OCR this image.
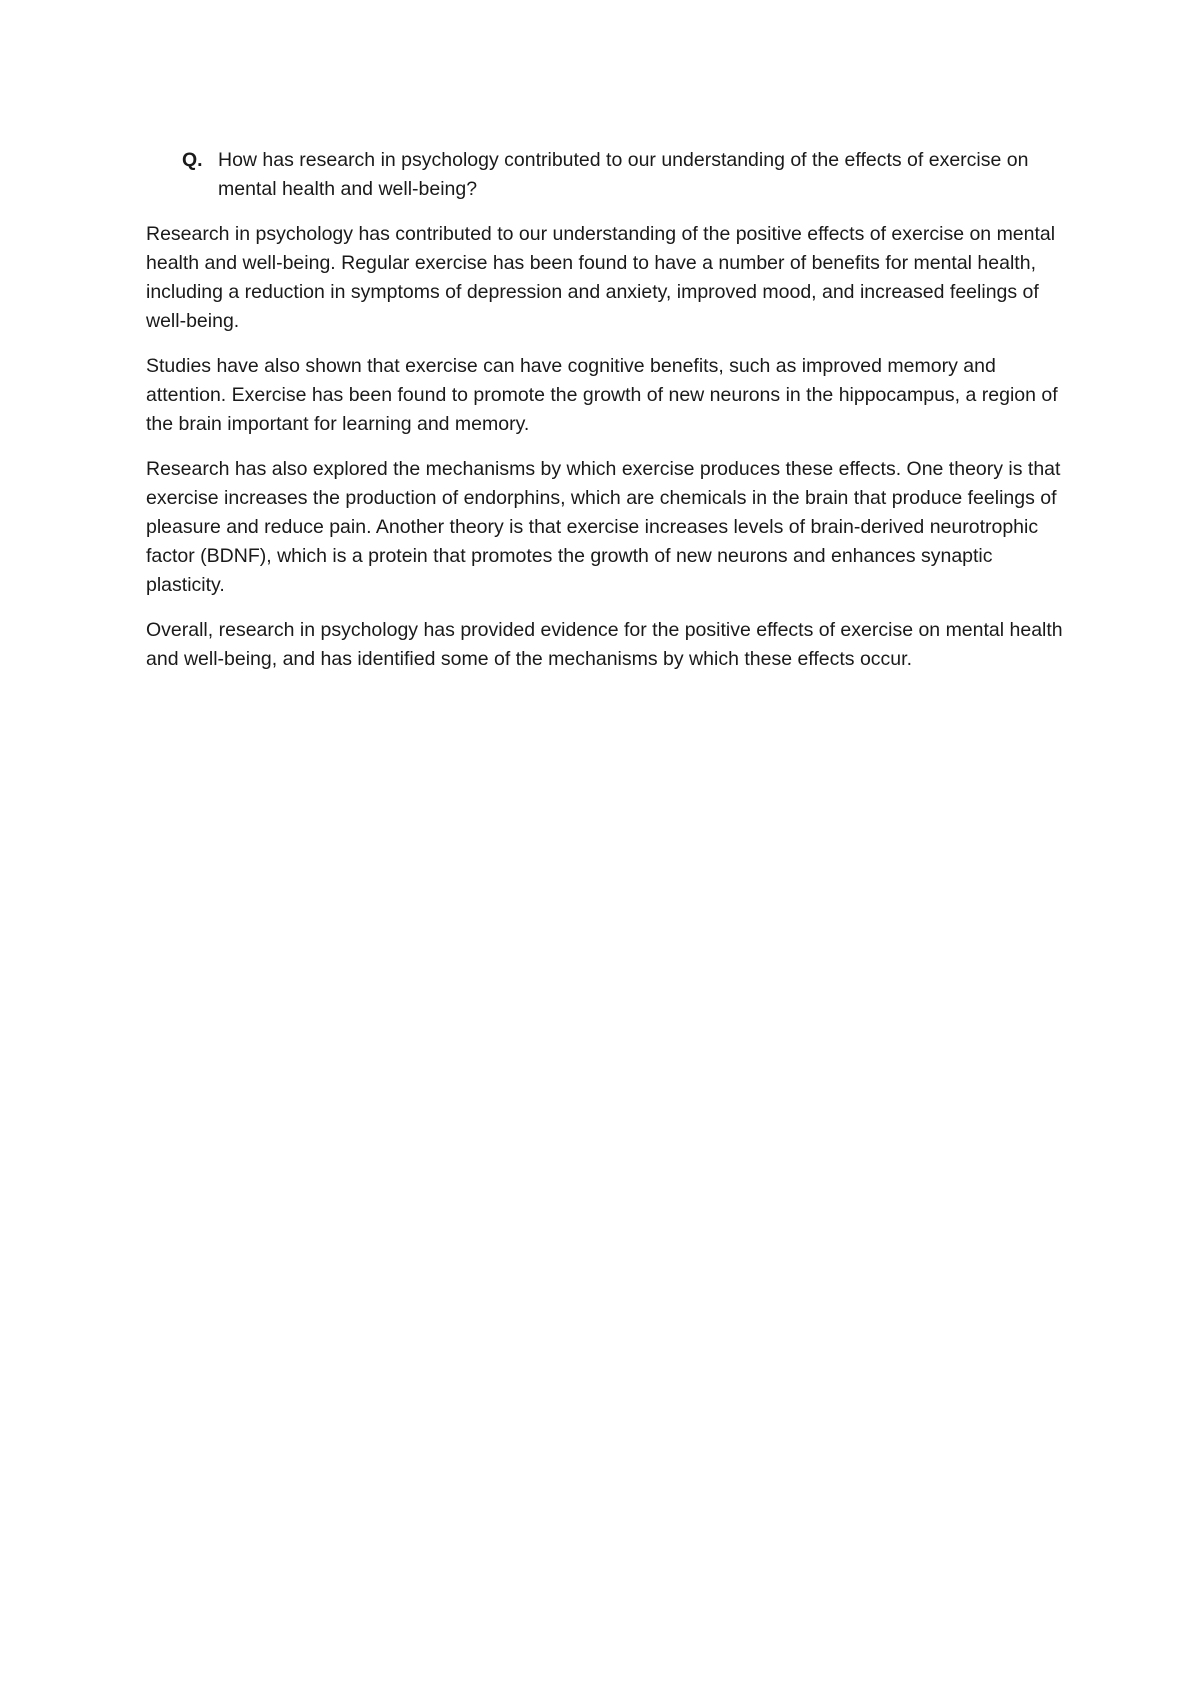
Q. How has research in psychology contributed to our understanding of the effects of exercise on mental health and well-being?

Research in psychology has contributed to our understanding of the positive effects of exercise on mental health and well-being. Regular exercise has been found to have a number of benefits for mental health, including a reduction in symptoms of depression and anxiety, improved mood, and increased feelings of well-being.

Studies have also shown that exercise can have cognitive benefits, such as improved memory and attention. Exercise has been found to promote the growth of new neurons in the hippocampus, a region of the brain important for learning and memory.

Research has also explored the mechanisms by which exercise produces these effects. One theory is that exercise increases the production of endorphins, which are chemicals in the brain that produce feelings of pleasure and reduce pain. Another theory is that exercise increases levels of brain-derived neurotrophic factor (BDNF), which is a protein that promotes the growth of new neurons and enhances synaptic plasticity.

Overall, research in psychology has provided evidence for the positive effects of exercise on mental health and well-being, and has identified some of the mechanisms by which these effects occur.
